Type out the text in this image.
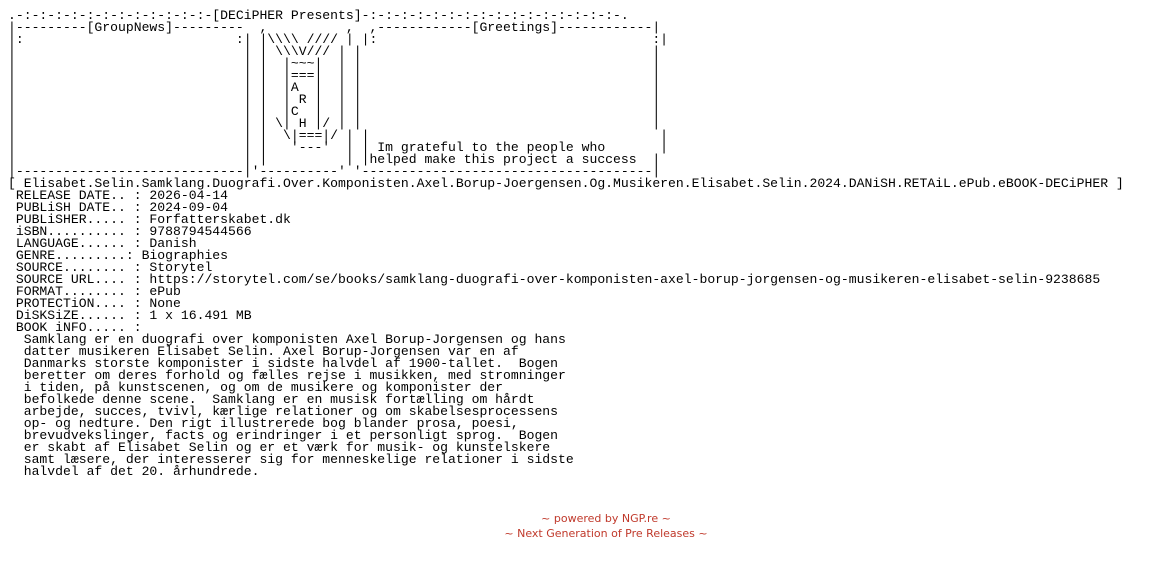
.-:-:-:-:-:-:-:-:-:-:-:-:-[DECiPHER Presents]-:-:-:-:-:-:-:-:-:-:-:-:-:-:-:-:-.
|---------[GroupNews]---------  ,          ,  ,------------[Greetings]------------|
|:                           :| |\\\\ //// | |:                                   :|
|                             | | \\\V/// | |                                     |
|                             | |  |~~~|  | |                                     |
|                             | |  |===|  | |                                     |
|                             | |  |A  |  | |                                     |
|                             | |  | R |  | |                                     |
|                             | |  |C  |  | |                                     |
|                             | | \| H |/ | |                                     |
|                             | |  \|===|/ | |                                     |
|                             | |   '---'  | | Im grateful to the people who       |
|                             | |          | |helped make this project a success  |
|-----------------------------|'----------' '-------------------------------------|
[ Elisabet.Selin.Samklang.Duografi.Over.Komponisten.Axel.Borup-Joergensen.Og.Musikeren.Elisabet.Selin.2024.DANiSH.RETAiL.ePub.eBOOK-DECiPHER ]
RELEASE DATE.. : 2026-04-14
PUBLiSH DATE.. : 2024-09-04
PUBLiSHER..... : Forfatterskabet.dk
iSBN.......... : 9788794544566
LANGUAGE...... : Danish
GENRE.........: Biographies
SOURCE........ : Storytel
SOURCE URL.... : https://storytel.com/se/books/samklang-duografi-over-komponisten-axel-borup-jorgensen-og-musikeren-elisabet-selin-9238685
FORMAT........ : ePub
PROTECTiON.... : None
DiSKSiZE...... : 1 x 16.491 MB
BOOK iNFO..... :
Samklang er en duografi over komponisten Axel Borup-Jorgensen og hans
datter musikeren Elisabet Selin. Axel Borup-Jorgensen var en af
Danmarks storste komponister i sidste halvdel af 1900-tallet.  Bogen
beretter om deres forhold og fælles rejse i musikken, med stromninger
i tiden, på kunstscenen, og om de musikere og komponister der
befolkede denne scene.  Samklang er en musisk fortælling om hårdt
arbejde, succes, tvivl, kærlige relationer og om skabelsesprocessens
op- og nedture. Den rigt illustrerede bog blander prosa, poesi,
brevudvekslinger, facts og erindringer i et personligt sprog.  Bogen
er skabt af Elisabet Selin og er et værk for musik- og kunstelskere
samt læsere, der interesserer sig for menneskelige relationer i sidste
halvdel af det 20. århundrede.
~ powered by NGP.re ~
~ Next Generation of Pre Releases ~
